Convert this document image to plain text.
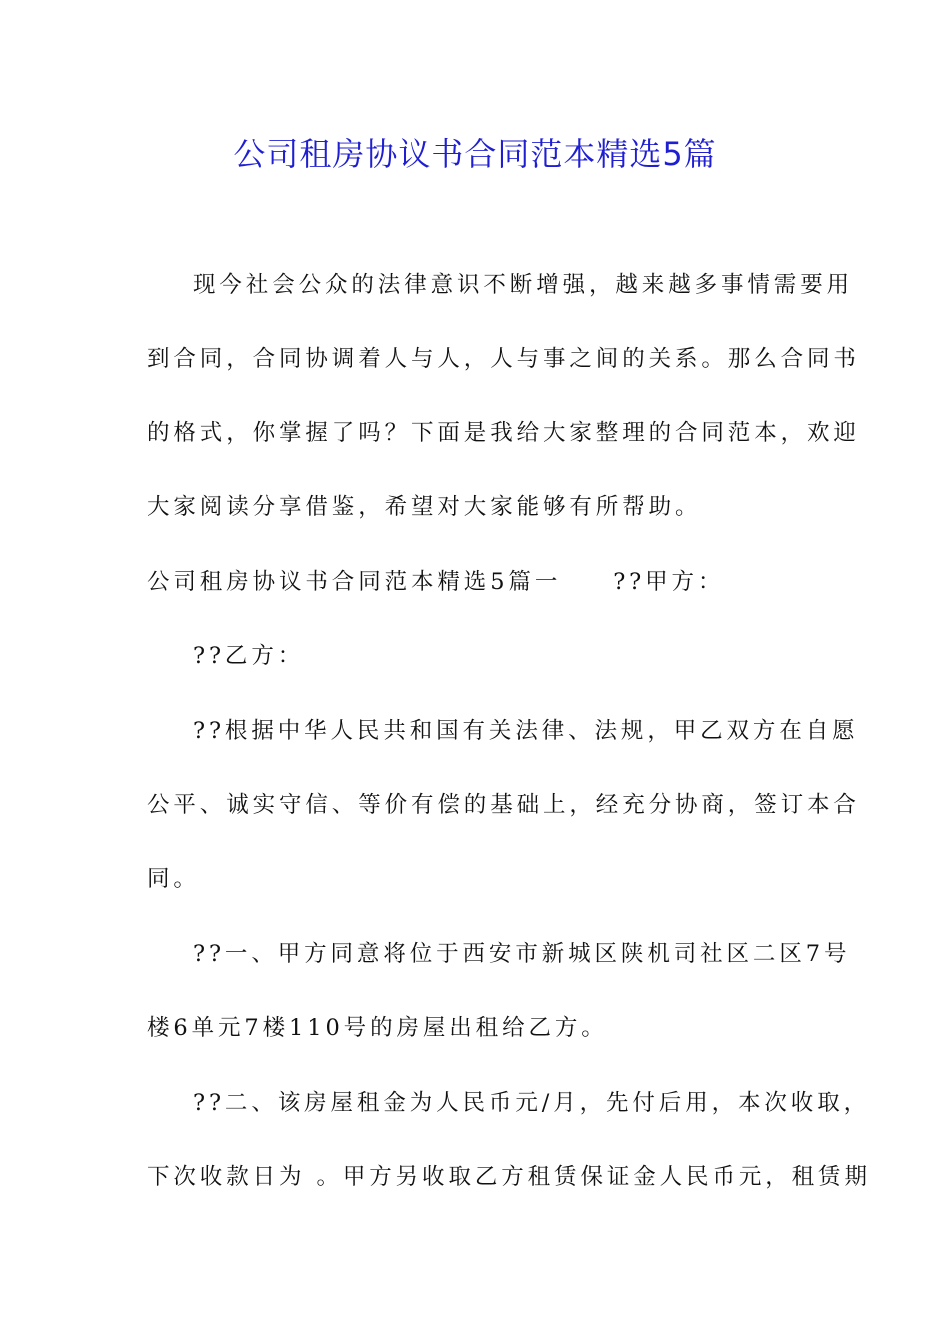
公司租房协议书合同范本精选5篇
现今社会公众的法律意识不断增强，越来越多事情需要用
到合同，合同协调着人与人，人与事之间的关系。那么合同书
的格式，你掌握了吗？下面是我给大家整理的合同范本，欢迎
大家阅读分享借鉴，希望对大家能够有所帮助。
公司租房协议书合同范本精选5篇一 ??甲方：
??乙方：
??根据中华人民共和国有关法律、法规，甲乙双方在自愿
公平、诚实守信、等价有偿的基础上，经充分协商，签订本合
同。
??一、甲方同意将位于西安市新城区陕机司社区二区7号
楼6单元7楼110号的房屋出租给乙方。
??二、该房屋租金为人民币元/月，先付后用，本次收取，
下次收款日为 。甲方另收取乙方租赁保证金人民币元，租赁期
